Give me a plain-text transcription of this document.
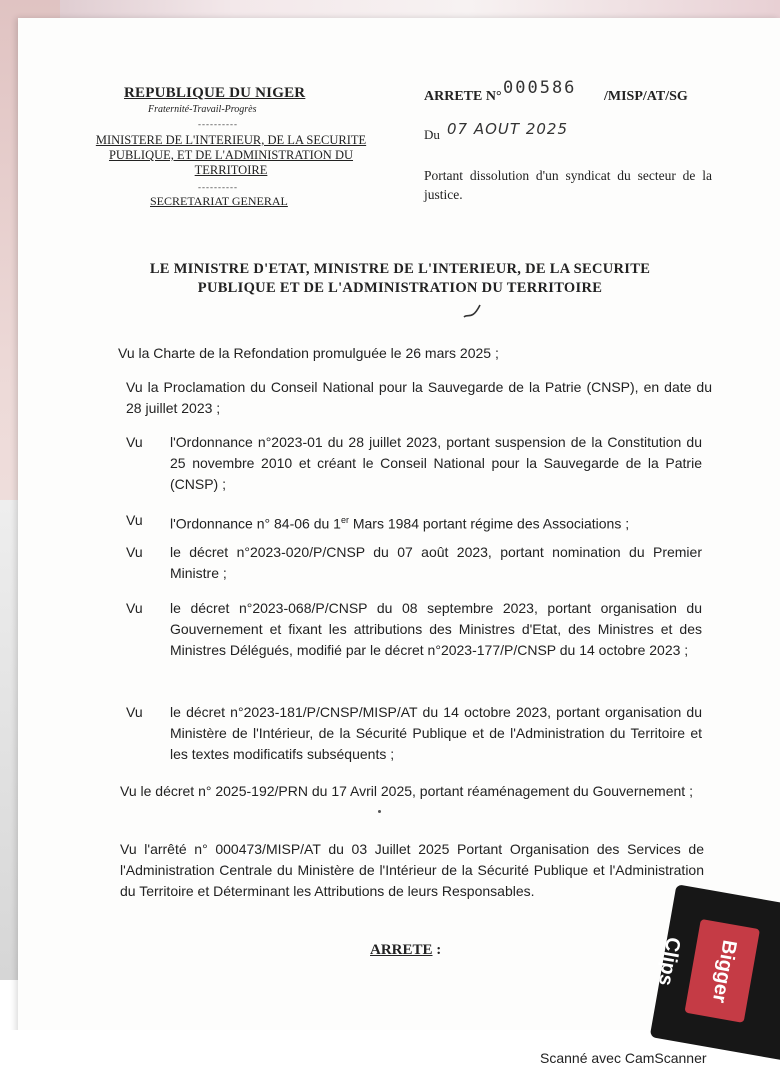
REPUBLIQUE DU NIGER
Fraternité-Travail-Progrès
----------
MINISTERE DE L'INTERIEUR, DE LA SECURITE PUBLIQUE, ET DE L'ADMINISTRATION DU TERRITOIRE
----------
SECRETARIAT GENERAL
ARRETE N° 000586 /MISP/AT/SG
Du 07 AOUT 2025
Portant dissolution d'un syndicat du secteur de la justice.
LE MINISTRE D'ETAT, MINISTRE DE L'INTERIEUR, DE LA SECURITE PUBLIQUE ET DE L'ADMINISTRATION DU TERRITOIRE
Vu la Charte de la Refondation promulguée le 26 mars 2025 ;
Vu la Proclamation du Conseil National pour la Sauvegarde de la Patrie (CNSP), en date du 28 juillet 2023 ;
Vu l'Ordonnance n°2023-01 du 28 juillet 2023, portant suspension de la Constitution du 25 novembre 2010 et créant le Conseil National pour la Sauvegarde de la Patrie (CNSP) ;
Vu l'Ordonnance n° 84-06 du 1er Mars 1984 portant régime des Associations ;
Vu le décret n°2023-020/P/CNSP du 07 août 2023, portant nomination du Premier Ministre ;
Vu le décret n°2023-068/P/CNSP du 08 septembre 2023, portant organisation du Gouvernement et fixant les attributions des Ministres d'Etat, des Ministres et des Ministres Délégués, modifié par le décret n°2023-177/P/CNSP du 14 octobre 2023 ;
Vu le décret n°2023-181/P/CNSP/MISP/AT du 14 octobre 2023, portant organisation du Ministère de l'Intérieur, de la Sécurité Publique et de l'Administration du Territoire et les textes modificatifs subséquents ;
Vu le décret n° 2025-192/PRN du 17 Avril 2025, portant réaménagement du Gouvernement ;
Vu l'arrêté n° 000473/MISP/AT du 03 Juillet 2025 Portant Organisation des Services de l'Administration Centrale du Ministère de l'Intérieur de la Sécurité Publique et l'Administration du Territoire et Déterminant les Attributions de leurs Responsables.
ARRETE :	Bigger Clips
Scanné avec CamScanner
